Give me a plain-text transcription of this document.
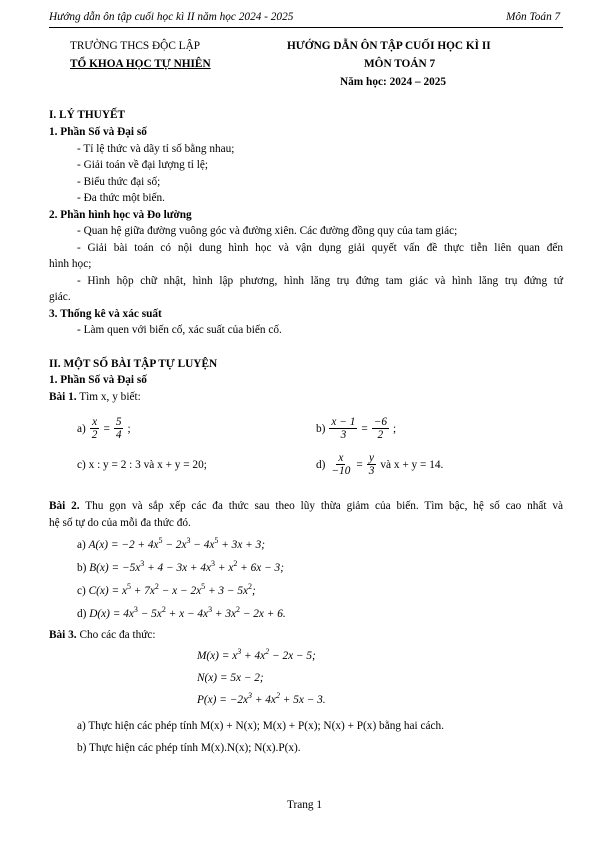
Hướng dẫn ôn tập cuối học kì II năm học 2024 - 2025	Môn Toán 7
TRƯỜNG THCS ĐỘC LẬP
TỔ KHOA HỌC TỰ NHIÊN
HƯỚNG DẪN ÔN TẬP CUỐI HỌC KÌ II
MÔN TOÁN 7
Năm học: 2024 – 2025
I. LÝ THUYẾT
1. Phần Số và Đại số
- Tỉ lệ thức và dãy tỉ số bằng nhau;
- Giải toán về đại lượng tỉ lệ;
- Biểu thức đại số;
- Đa thức một biến.
2. Phần hình học và Đo lường
- Quan hệ giữa đường vuông góc và đường xiên. Các đường đồng quy của tam giác;
- Giải bài toán có nội dung hình học và vận dụng giải quyết vấn đề thực tiễn liên quan đến
hình học;
- Hình hộp chữ nhật, hình lập phương, hình lăng trụ đứng tam giác và hình lăng trụ đứng tứ
giác.
3. Thống kê và xác suất
- Làm quen với biến cố, xác suất của biến cố.
II. MỘT SỐ BÀI TẬP TỰ LUYỆN
1. Phần Số và Đại số
Bài 1. Tìm x, y biết:
$a) \frac{x}{2} = \frac{5}{4}$ ;	$b) \frac{x - 1}{3} = \frac{-6}{2}$ ;
c) x : y = 2 : 3 và x + y = 20;	$d) \frac{x}{-10} = \frac{y}{3}$ và x + y = 14.
Bài 2. Thu gọn và sắp xếp các đa thức sau theo lũy thừa giảm của biến. Tìm bậc, hệ số cao nhất và
hệ số tự do của mỗi đa thức đó.
a) $A(x) = -2 + 4x^5 - 2x^3 - 4x^5 + 3x + 3$;
b) $B(x) = -5x^3 + 4 - 3x + 4x^3 + x^2 + 6x - 3$;
c) $C(x) = x^5 + 7x^2 - x - 2x^5 + 3 - 5x^2$;
d) $D(x) = 4x^3 - 5x^2 + x - 4x^3 + 3x^2 - 2x + 6$.
Bài 3. Cho các đa thức:
$M(x) = x^3 + 4x^2 - 2x - 5$;
N(x) = 5x − 2;
$P(x) = -2x^3 + 4x^2 + 5x - 3$.
a) Thực hiện các phép tính M(x) + N(x); M(x) + P(x); N(x) + P(x) bằng hai cách.
b) Thực hiện các phép tính M(x).N(x); N(x).P(x).
Trang 1
